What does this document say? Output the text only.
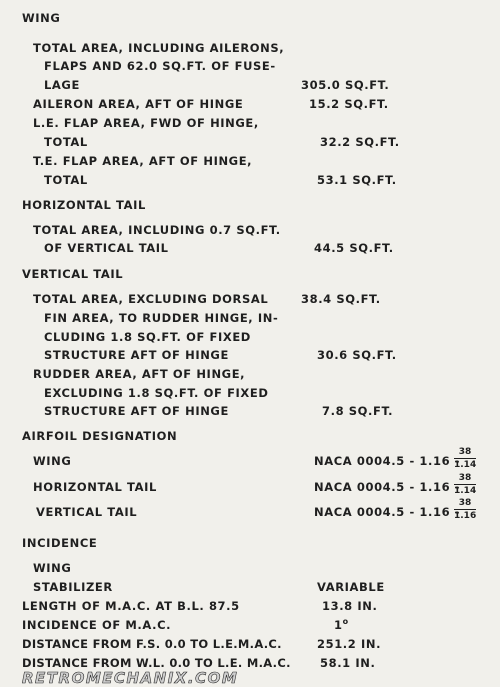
WING
TOTAL AREA, INCLUDING AILERONS,
FLAPS AND 62.0 SQ.FT. OF FUSE-
LAGE	305.0 SQ.FT.
AILERON AREA, AFT OF HINGE	15.2 SQ.FT.
L.E. FLAP AREA, FWD OF HINGE,
TOTAL	32.2 SQ.FT.
T.E. FLAP AREA, AFT OF HINGE,
TOTAL	53.1 SQ.FT.
HORIZONTAL TAIL
TOTAL AREA, INCLUDING 0.7 SQ.FT.
OF VERTICAL TAIL	44.5 SQ.FT.
VERTICAL TAIL
TOTAL AREA, EXCLUDING DORSAL	38.4 SQ.FT.
FIN AREA, TO RUDDER HINGE, IN-
CLUDING 1.8 SQ.FT. OF FIXED
STRUCTURE AFT OF HINGE	30.6 SQ.FT.
RUDDER AREA, AFT OF HINGE,
EXCLUDING 1.8 SQ.FT. OF FIXED
STRUCTURE AFT OF HINGE	7.8 SQ.FT.
AIRFOIL DESIGNATION
WING	NACA 0004.5 - 1.16 -
38
1.14
HORIZONTAL TAIL	NACA 0004.5 - 1.16 -
38
1.14
VERTICAL TAIL	NACA 0004.5 - 1.16 -
38
1.16
INCIDENCE
WING
STABILIZER	VARIABLE
LENGTH OF M.A.C. AT B.L. 87.5	13.8 IN.
INCIDENCE OF M.A.C.	1$^o$
DISTANCE FROM F.S. 0.0 TO L.E.M.A.C.	251.2 IN.
DISTANCE FROM W.L. 0.0 TO L.E. M.A.C.	58.1 IN.
RETROMECHANIX.COM
